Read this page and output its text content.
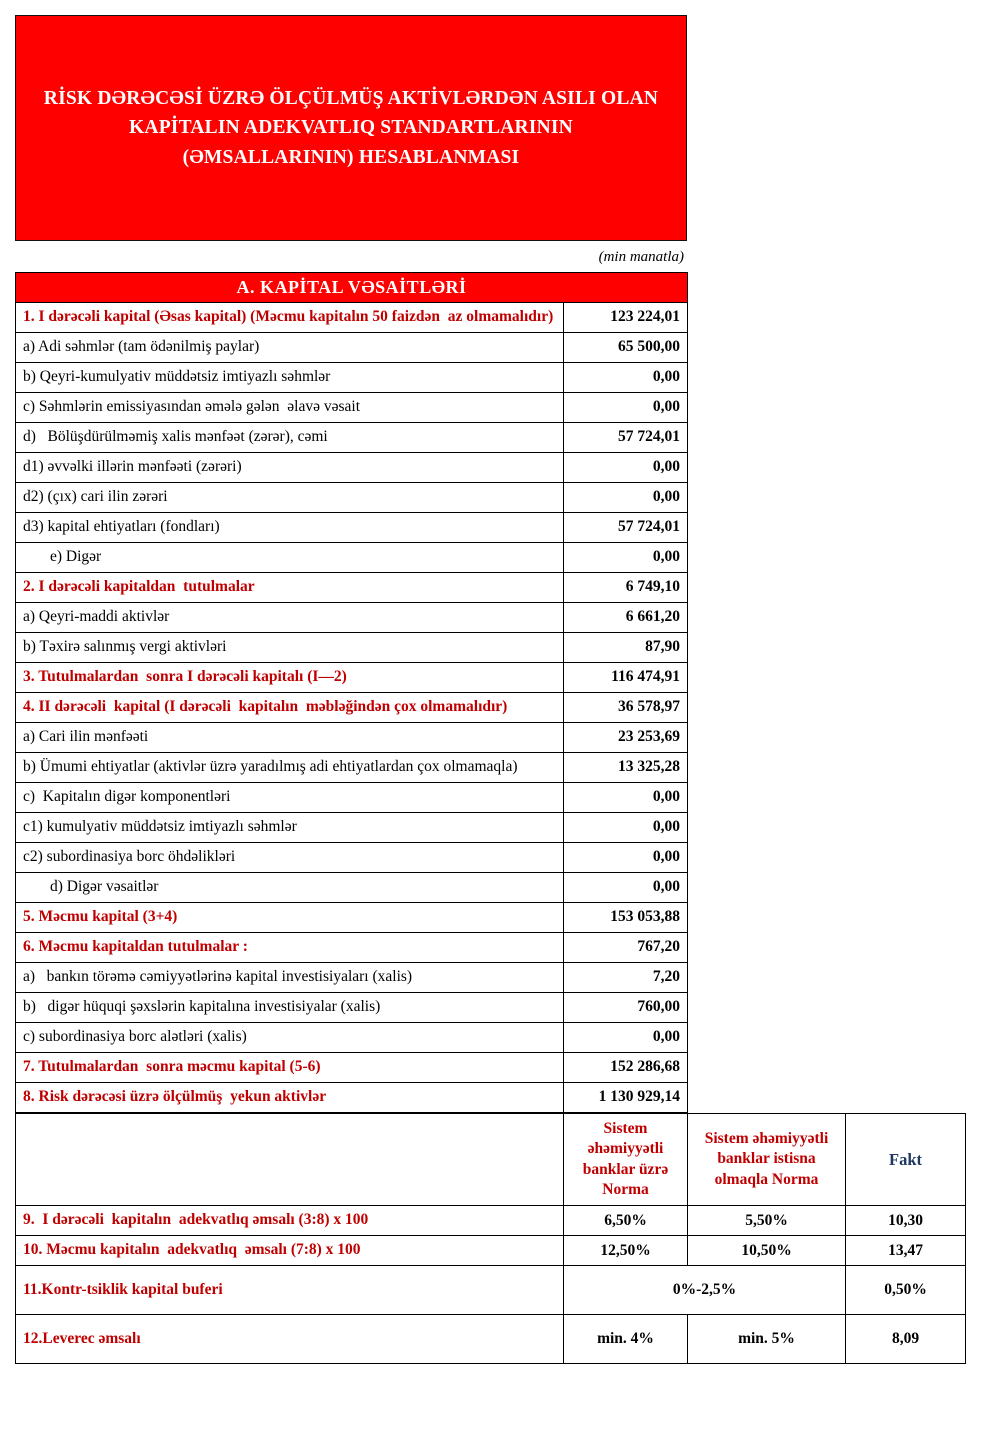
RİSK DƏRƏCƏSİ ÜZRƏ ÖLÇÜLMÜŞ AKTİVLƏRDƏN ASILI OLAN
KAPİTALIN ADEKVATLIQ STANDARTLARININ
(ƏMSALLARININ) HESABLANMASI
(min manatla)
A. KAPİTAL VƏSAİTLƏRİ	
1. I dərəcəli kapital (Əsas kapital) (Məcmu kapitalın 50 faizdən  az olmamalıdır)	123 224,01
a) Adi səhmlər (tam ödənilmiş paylar)	65 500,00
b) Qeyri-kumulyativ müddətsiz imtiyazlı səhmlər	0,00
c) Səhmlərin emissiyasından əmələ gələn  əlavə vəsait	0,00
d)   Bölüşdürülməmiş xalis mənfəət (zərər), cəmi	57 724,01
d1) əvvəlki illərin mənfəəti (zərəri)	0,00
d2) (çıx) cari ilin zərəri	0,00
d3) kapital ehtiyatları (fondları)	57 724,01
e) Digər	0,00
2. I dərəcəli kapitaldan  tutulmalar	6 749,10
a) Qeyri-maddi aktivlər	6 661,20
b) Təxirə salınmış vergi aktivləri	87,90
3. Tutulmalardan  sonra I dərəcəli kapitalı (I—2)	116 474,91
4. II dərəcəli  kapital (I dərəcəli  kapitalın  məbləğindən çox olmamalıdır)	36 578,97
a) Cari ilin mənfəəti	23 253,69
b) Ümumi ehtiyatlar (aktivlər üzrə yaradılmış adi ehtiyatlardan çox olmamaqla)	13 325,28
c)  Kapitalın digər komponentləri	0,00
c1) kumulyativ müddətsiz imtiyazlı səhmlər	0,00
c2) subordinasiya borc öhdəlikləri	0,00
d) Digər vəsaitlər	0,00
5. Məcmu kapital (3+4)	153 053,88
6. Məcmu kapitaldan tutulmalar :	767,20
a)   bankın törəmə cəmiyyətlərinə kapital investisiyaları (xalis)	7,20
b)   digər hüquqi şəxslərin kapitalına investisiyalar (xalis)	760,00
c) subordinasiya borc alətləri (xalis)	0,00
7. Tutulmalardan  sonra məcmu kapital (5-6)	152 286,68
8. Risk dərəcəsi üzrə ölçülmüş  yekun aktivlər	1 130 929,14
	Sistem əhəmiyyətli banklar üzrə Norma	Sistem əhəmiyyətli banklar istisna olmaqla Norma	Fakt
9.  I dərəcəli  kapitalın  adekvatlıq əmsalı (3:8) x 100	6,50%	5,50%	10,30
10. Məcmu kapitalın  adekvatlıq  əmsalı (7:8) x 100	12,50%	10,50%	13,47
11.Kontr-tsiklik kapital buferi	0%-2,5%		0,50%
12.Leverec əmsalı	min. 4%	min. 5%	8,09
